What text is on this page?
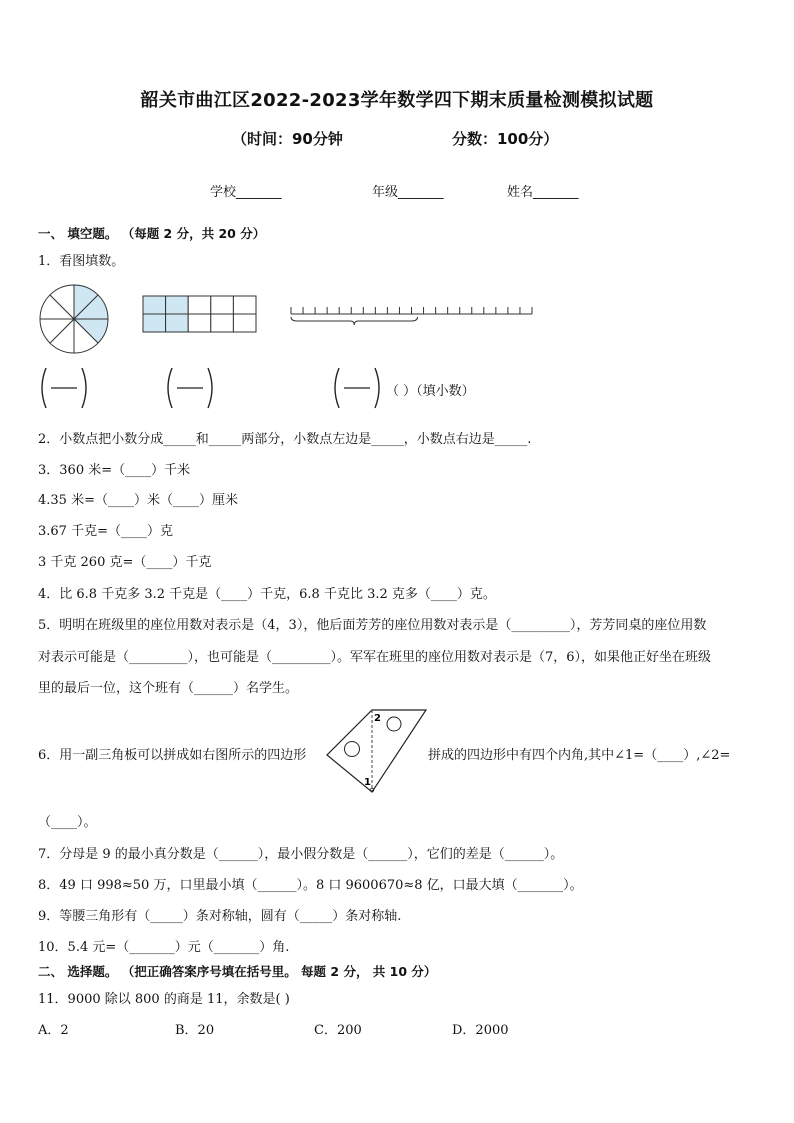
韶关市曲江区2022-2023学年数学四下期末质量检测模拟试题
（时间：90分钟	分数：100分）
学校_______	年级_______	姓名_______
一、 填空题。 （每题 2 分，共 20 分）
1．看图填数。
（ ）（填小数）
2．小数点把小数分成_____和_____两部分，小数点左边是_____，小数点右边是_____.
3．360 米=（____）千米
4.35 米=（____）米（____）厘米
3.67 千克=（____）克
3 千克 260 克=（____）千克
4．比 6.8 千克多 3.2 千克是（____）千克，6.8 千克比 3.2 克多（____）克。
5．明明在班级里的座位用数对表示是（4，3），他后面芳芳的座位用数对表示是（_________），芳芳同桌的座位用数
对表示可能是（_________），也可能是（_________）。军军在班里的座位用数对表示是（7，6），如果他正好坐在班级
里的最后一位，这个班有（______）名学生。
6．用一副三角板可以拼成如右图所示的四边形
2
1
拼成的四边形中有四个内角,其中∠1=（____）,∠2=
（____）。
7．分母是 9 的最小真分数是（______），最小假分数是（______），它们的差是（______）。
8．49 口 998≈50 万，口里最小填（______）。8 口 9600670≈8 亿，口最大填（_______）。
9．等腰三角形有（_____）条对称轴，圆有（_____）条对称轴.
10．5.4 元=（_______）元（_______）角.
二、 选择题。 （把正确答案序号填在括号里。 每题 2 分， 共 10 分）
11．9000 除以 800 的商是 11，余数是( )
A．2	B．20	C．200	D．2000
